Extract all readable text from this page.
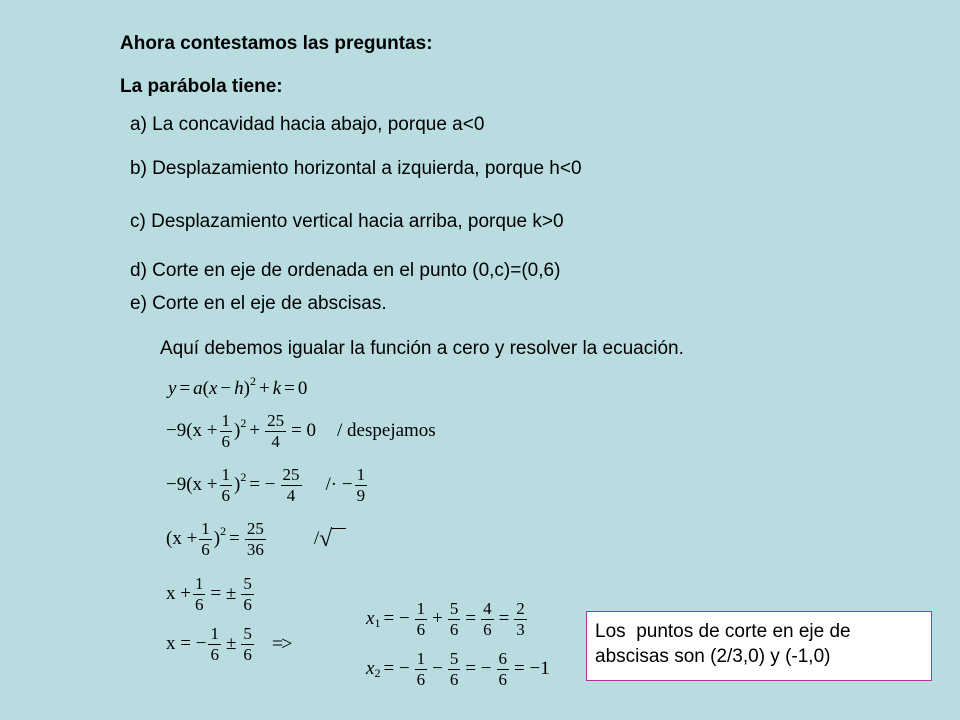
Ahora contestamos las preguntas:
La parábola tiene:
a) La concavidad hacia abajo, porque a<0
b) Desplazamiento horizontal a izquierda, porque h<0
c) Desplazamiento vertical hacia arriba, porque k>0
d) Corte en eje de ordenada en el punto (0,c)=(0,6)
e) Corte en el eje de abscisas.
Aquí debemos igualar la función a cero y resolver la ecuación.
y = a ( x − h )$^2$ + k = 0
$-9(x + \frac{1}{6} )^2 + \frac{25}{4} = 0$ / despejamos
$-9(x + \frac{1}{6} )^2$ = − $\frac{25}{4}$ /· − $\frac{1}{9}$
$(x + \frac{1}{6} )^2 = \frac{25}{36}$	/ √
$x + \frac{1}{6}$ = ± $\frac{5}{6}$
x = − $\frac{1}{6} \pm \frac{5}{6}$ =>
$x_1$ = − $\frac{1}{6} + \frac{5}{6} = \frac{4}{6} = \frac{2}{3}$
$x_2$ = − $\frac{1}{6} - \frac{5}{6}$ = − $\frac{6}{6} = -1$
Los  puntos de corte en eje de
abscisas son (2/3,0) y (-1,0)
